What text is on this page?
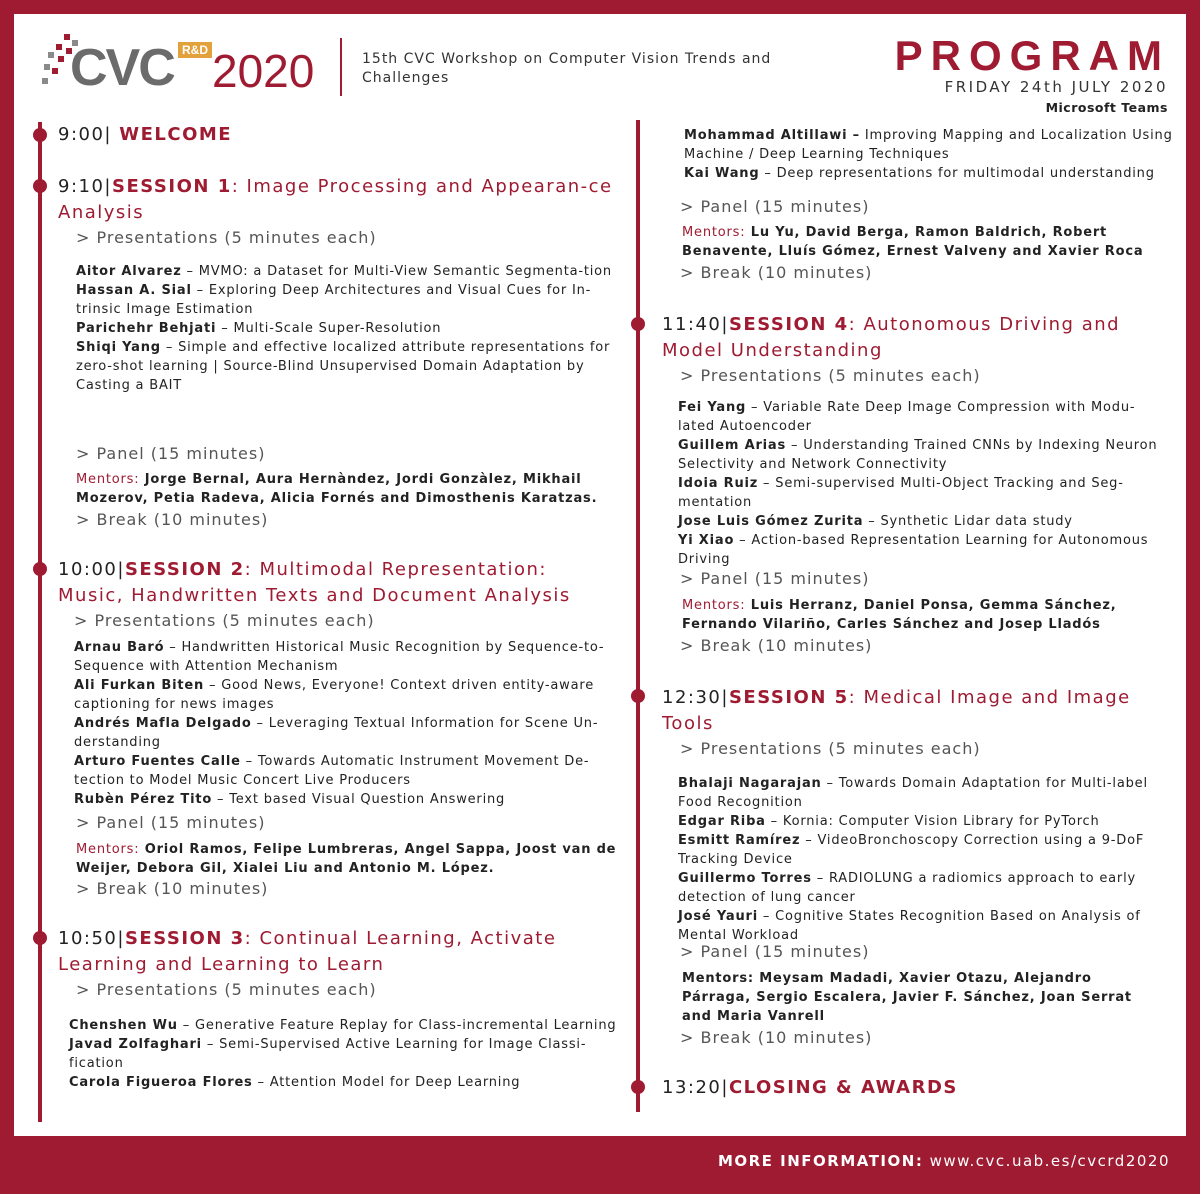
CVC R&D 2020	15th CVC Workshop on Computer Vision Trends and Challenges	PROGRAM
FRIDAY 24th JULY 2020
Microsoft Teams
9:00| WELCOME
9:10|SESSION 1: Image Processing and Appearan-ce Analysis
> Presentations (5 minutes each)

Aitor Alvarez – MVMO: a Dataset for Multi-View Semantic Segmenta-tion

Hassan A. Sial – Exploring Deep Architectures and Visual Cues for In-trinsic Image Estimation

Parichehr Behjati – Multi-Scale Super-Resolution

Shiqi Yang – Simple and effective localized attribute representations for zero-shot learning | Source-Blind Unsupervised Domain Adaptation by Casting a BAIT

> Panel (15 minutes)
Mentors: Jorge Bernal, Aura Hernàndez, Jordi Gonzàlez, Mikhail Mozerov, Petia Radeva, Alicia Fornés and Dimosthenis Karatzas.
> Break (10 minutes)
10:00|SESSION 2: Multimodal Representation: Music, Handwritten Texts and Document Analysis
> Presentations (5 minutes each)

Arnau Baró – Handwritten Historical Music Recognition by Sequence-to-Sequence with Attention Mechanism

Ali Furkan Biten – Good News, Everyone! Context driven entity-aware captioning for news images

Andrés Mafla Delgado – Leveraging Textual Information for Scene Un-derstanding

Arturo Fuentes Calle – Towards Automatic Instrument Movement De-tection to Model Music Concert Live Producers

Rubèn Pérez Tito – Text based Visual Question Answering

> Panel (15 minutes)
Mentors: Oriol Ramos, Felipe Lumbreras, Angel Sappa, Joost van de Weijer, Debora Gil, Xialei Liu and Antonio M. López.
> Break (10 minutes)
10:50|SESSION 3: Continual Learning, Activate Learning and Learning to Learn
> Presentations (5 minutes each)

Chenshen Wu – Generative Feature Replay for Class-incremental Learning

Javad Zolfaghari – Semi-Supervised Active Learning for Image Classi-fication

Carola Figueroa Flores – Attention Model for Deep Learning

Mohammad Altillawi – Improving Mapping and Localization Using Machine / Deep Learning Techniques

Kai Wang – Deep representations for multimodal understanding

> Panel (15 minutes)
Mentors: Lu Yu, David Berga, Ramon Baldrich, Robert Benavente, Lluís Gómez, Ernest Valveny and Xavier Roca
> Break (10 minutes)
11:40|SESSION 4: Autonomous Driving and Model Understanding
> Presentations (5 minutes each)

Fei Yang – Variable Rate Deep Image Compression with Modu-lated Autoencoder

Guillem Arias – Understanding Trained CNNs by Indexing Neuron Selectivity and Network Connectivity

Idoia Ruiz – Semi-supervised Multi-Object Tracking and Seg-mentation

Jose Luis Gómez Zurita – Synthetic Lidar data study

Yi Xiao – Action-based Representation Learning for Autonomous Driving

> Panel (15 minutes)
Mentors: Luis Herranz, Daniel Ponsa, Gemma Sánchez, Fernando Vilariño, Carles Sánchez and Josep Lladós
> Break (10 minutes)
12:30|SESSION 5: Medical Image and Image Tools
> Presentations (5 minutes each)

Bhalaji Nagarajan – Towards Domain Adaptation for Multi-label Food Recognition

Edgar Riba – Kornia: Computer Vision Library for PyTorch

Esmitt Ramírez – VideoBronchoscopy Correction using a 9-DoF Tracking Device

Guillermo Torres – RADIOLUNG a radiomics approach to early detection of lung cancer

José Yauri – Cognitive States Recognition Based on Analysis of Mental Workload

> Panel (15 minutes)
Mentors: Meysam Madadi, Xavier Otazu, Alejandro Párraga, Sergio Escalera, Javier F. Sánchez, Joan Serrat and Maria Vanrell
> Break (10 minutes)
13:20|CLOSING & AWARDS
MORE INFORMATION: www.cvc.uab.es/cvcrd2020
